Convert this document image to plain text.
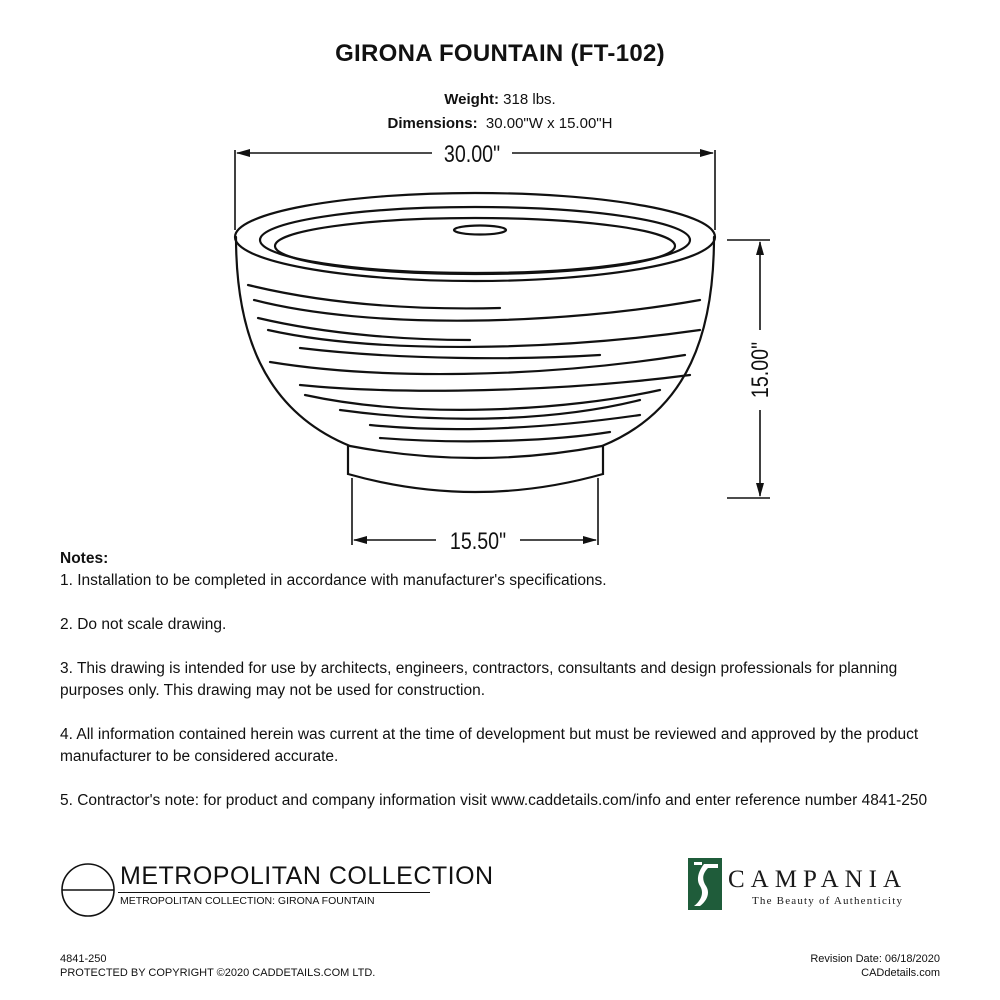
GIRONA FOUNTAIN (FT-102)
Weight: 318 lbs.
Dimensions:  30.00"W x 15.00"H
30.00"
15.50"
15.00"
Notes:

1. Installation to be completed in accordance with manufacturer's specifications.

2. Do not scale drawing.

3. This drawing is intended for use by architects, engineers, contractors, consultants and design professionals for planning purposes only. This drawing may not be used for construction.

4. All information contained herein was current at the time of development but must be reviewed and approved by the product manufacturer to be considered accurate.

5. Contractor's note: for product and company information visit www.caddetails.com/info and enter reference number 4841-250

METROPOLITAN COLLECTION
METROPOLITAN COLLECTION: GIRONA FOUNTAIN
CAMPANIA
The Beauty of Authenticity
4841-250
PROTECTED BY COPYRIGHT ©2020 CADDETAILS.COM LTD.
Revision Date: 06/18/2020
CADdetails.com
